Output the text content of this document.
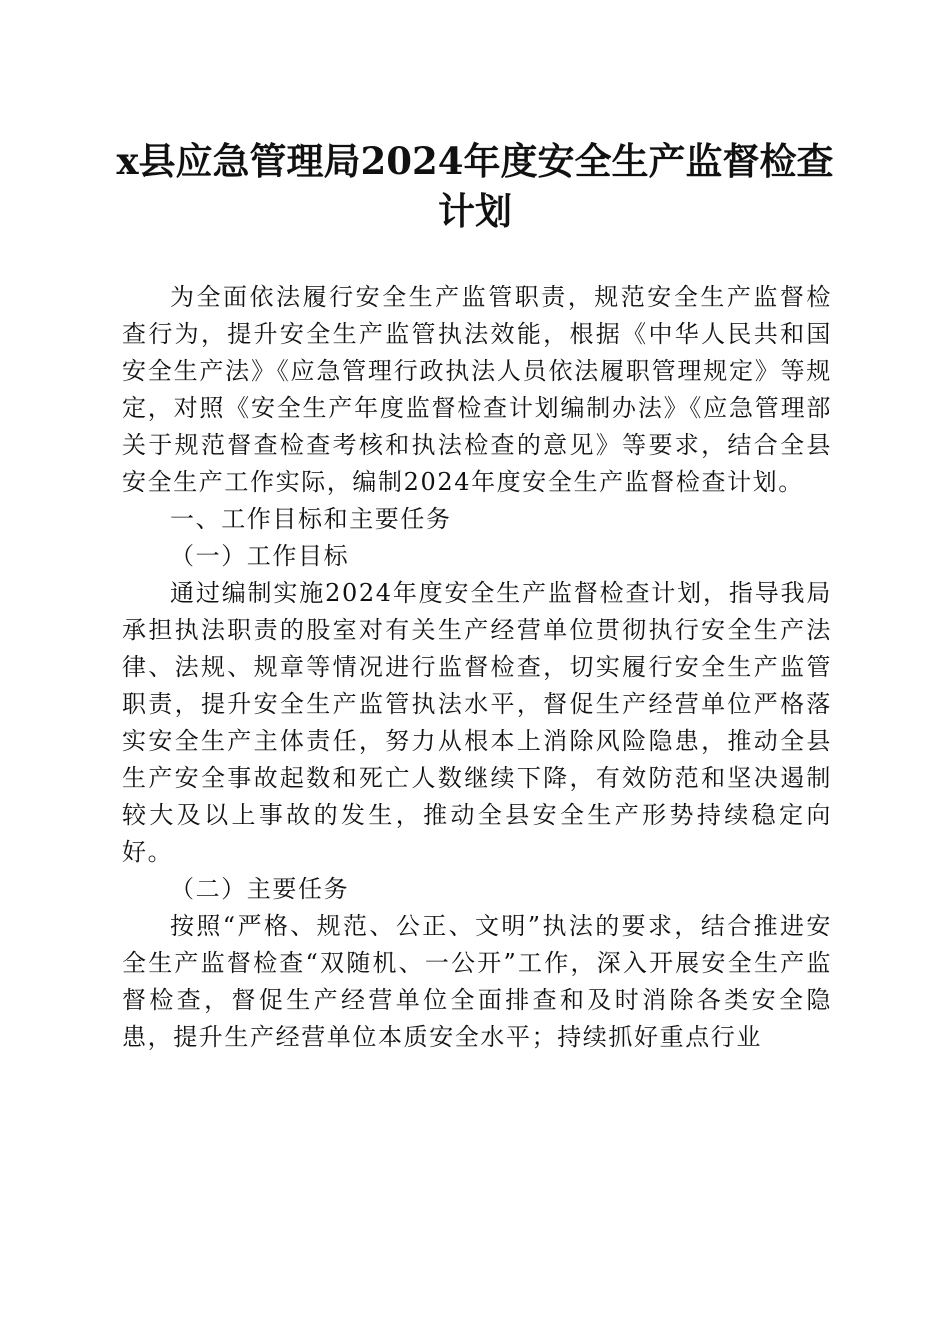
x县应急管理局2024年度安全生产监督检查计划

为全面依法履行安全生产监管职责，规范安全生产监督检查行为，提升安全生产监管执法效能，根据《中华人民共和国安全生产法》《应急管理行政执法人员依法履职管理规定》等规定，对照《安全生产年度监督检查计划编制办法》《应急管理部关于规范督查检查考核和执法检查的意见》等要求，结合全县安全生产工作实际，编制2024年度安全生产监督检查计划。

一、工作目标和主要任务

（一）工作目标

通过编制实施2024年度安全生产监督检查计划，指导我局承担执法职责的股室对有关生产经营单位贯彻执行安全生产法律、法规、规章等情况进行监督检查，切实履行安全生产监管职责，提升安全生产监管执法水平，督促生产经营单位严格落实安全生产主体责任，努力从根本上消除风险隐患，推动全县生产安全事故起数和死亡人数继续下降，有效防范和坚决遏制较大及以上事故的发生，推动全县安全生产形势持续稳定向好。

（二）主要任务

按照“严格、规范、公正、文明”执法的要求，结合推进安全生产监督检查“双随机、一公开”工作，深入开展安全生产监督检查，督促生产经营单位全面排查和及时消除各类安全隐患，提升生产经营单位本质安全水平；持续抓好重点行业
